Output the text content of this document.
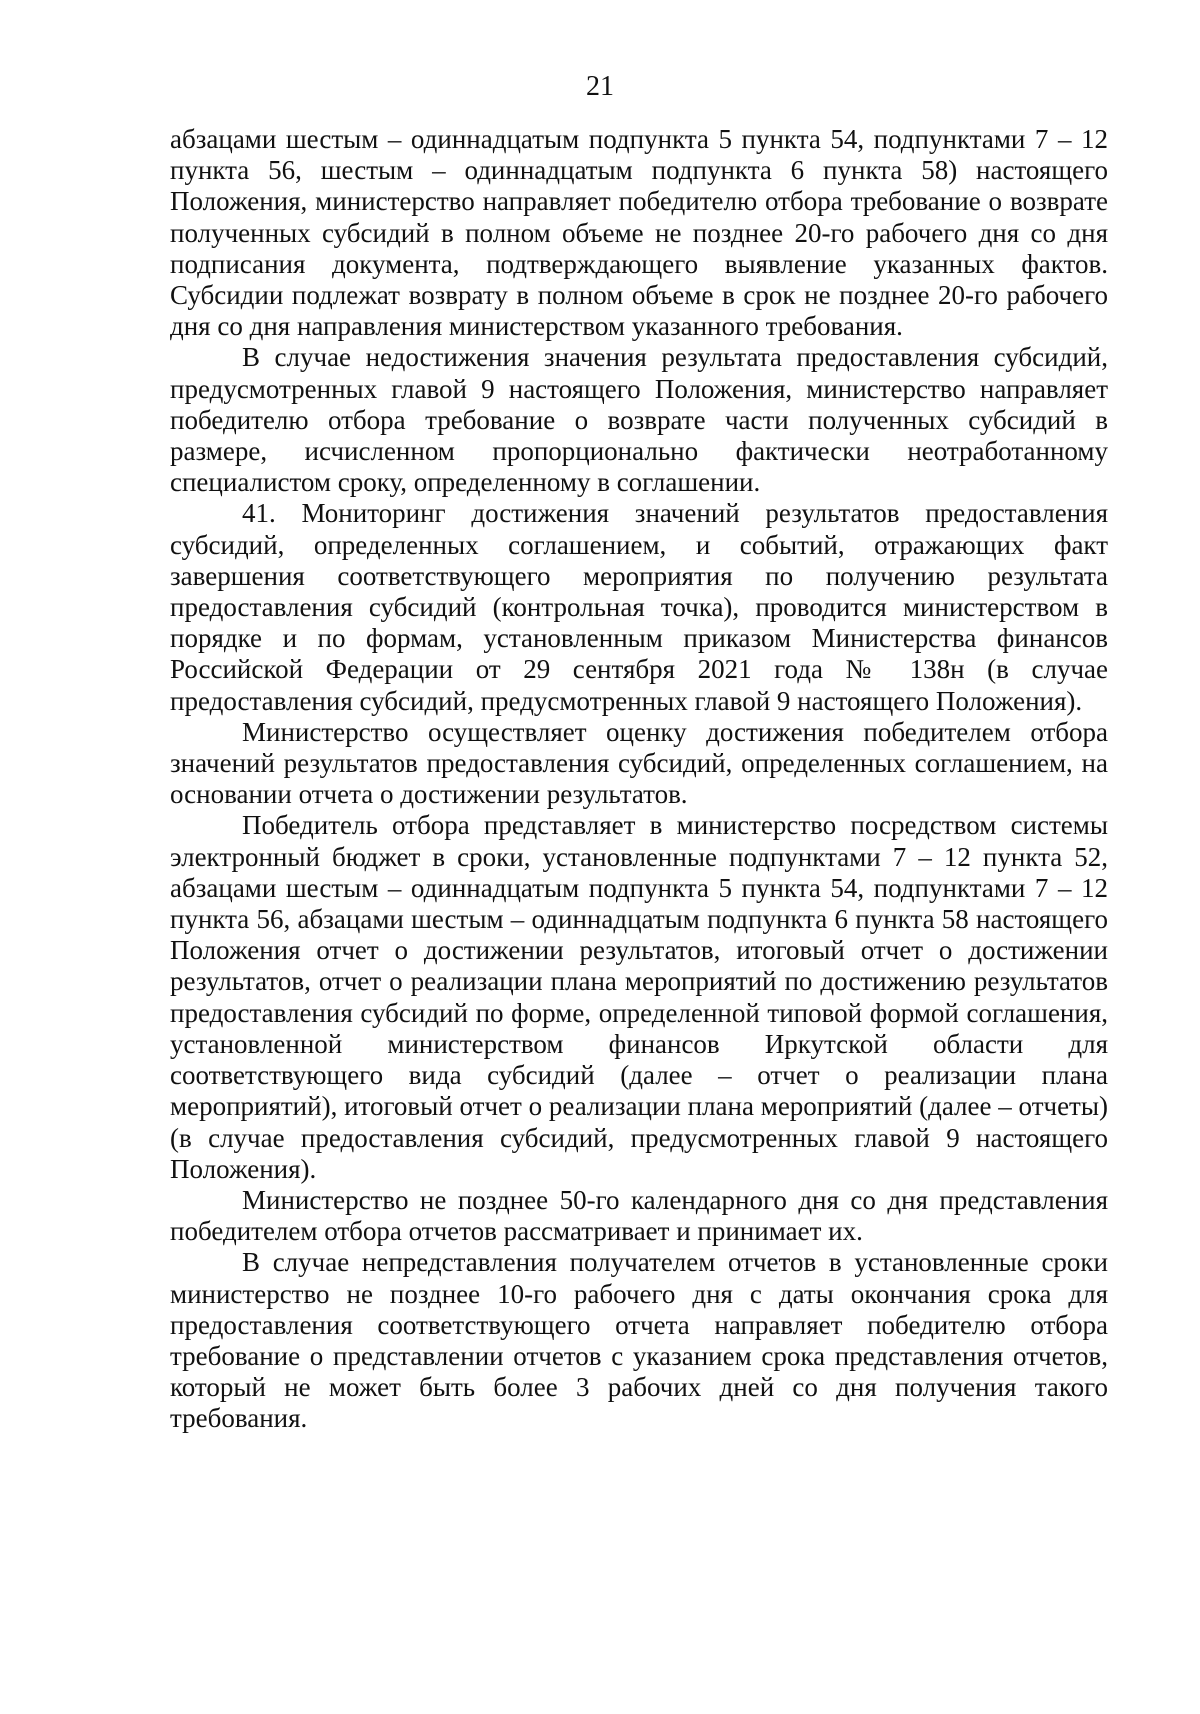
21

абзацами шестым – одиннадцатым подпункта 5 пункта 54, подпунктами 7 – 12 пункта 56, шестым – одиннадцатым подпункта 6 пункта 58) настоящего Положения, министерство направляет победителю отбора требование о возврате полученных субсидий в полном объеме не позднее 20-го рабочего дня со дня подписания документа, подтверждающего выявление указанных фактов. Субсидии подлежат возврату в полном объеме в срок не позднее 20-го рабочего дня со дня направления министерством указанного требования.

В случае недостижения значения результата предоставления субсидий, предусмотренных главой 9 настоящего Положения, министерство направляет победителю отбора требование о возврате части полученных субсидий в размере, исчисленном пропорционально фактически неотработанному специалистом сроку, определенному в соглашении.

41. Мониторинг достижения значений результатов предоставления субсидий, определенных соглашением, и событий, отражающих факт завершения соответствующего мероприятия по получению результата предоставления субсидий (контрольная точка), проводится министерством в порядке и по формам, установленным приказом Министерства финансов Российской Федерации от 29 сентября 2021 года № 138н (в случае предоставления субсидий, предусмотренных главой 9 настоящего Положения).

Министерство осуществляет оценку достижения победителем отбора значений результатов предоставления субсидий, определенных соглашением, на основании отчета о достижении результатов.

Победитель отбора представляет в министерство посредством системы электронный бюджет в сроки, установленные подпунктами 7 – 12 пункта 52, абзацами шестым – одиннадцатым подпункта 5 пункта 54, подпунктами 7 – 12 пункта 56, абзацами шестым – одиннадцатым подпункта 6 пункта 58 настоящего Положения отчет о достижении результатов, итоговый отчет о достижении результатов, отчет о реализации плана мероприятий по достижению результатов предоставления субсидий по форме, определенной типовой формой соглашения, установленной министерством финансов Иркутской области для соответствующего вида субсидий (далее – отчет о реализации плана мероприятий), итоговый отчет о реализации плана мероприятий (далее – отчеты) (в случае предоставления субсидий, предусмотренных главой 9 настоящего Положения).

Министерство не позднее 50-го календарного дня со дня представления победителем отбора отчетов рассматривает и принимает их.

В случае непредставления получателем отчетов в установленные сроки министерство не позднее 10-го рабочего дня с даты окончания срока для предоставления соответствующего отчета направляет победителю отбора требование о представлении отчетов с указанием срока представления отчетов, который не может быть более 3 рабочих дней со дня получения такого требования.
